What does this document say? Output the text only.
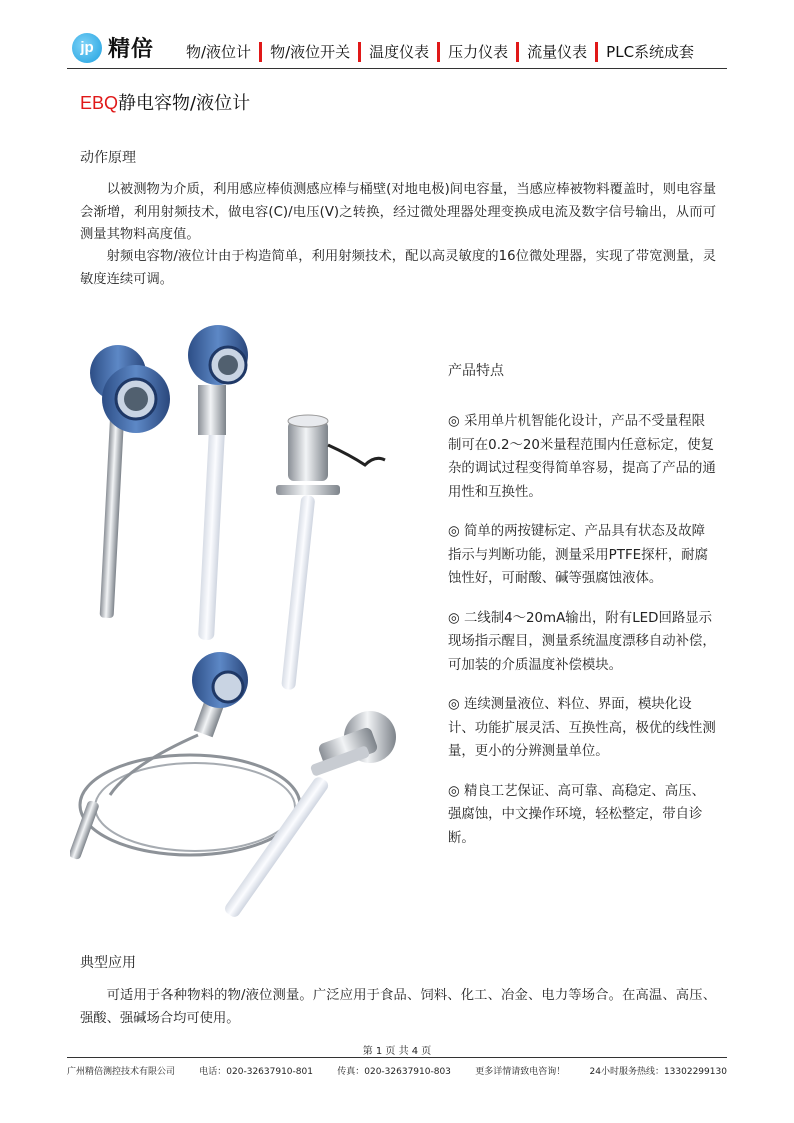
jp 精倍	物/液位计	物/液位开关	温度仪表	压力仪表	流量仪表	PLC系统成套
EBQ静电容物/液位计
动作原理

以被测物为介质，利用感应棒侦测感应棒与桶壁(对地电极)间电容量，当感应棒被物料覆盖时，则电容量会渐增，利用射频技术，做电容(C)/电压(V)之转换，经过微处理器处理变换成电流及数字信号输出，从而可测量其物料高度值。

射频电容物/液位计由于构造简单，利用射频技术，配以高灵敏度的16位微处理器，实现了带宽测量，灵敏度连续可调。

产品特点

◎ 采用单片机智能化设计，产品不受量程限制可在0.2～20米量程范围内任意标定，使复杂的调试过程变得简单容易，提高了产品的通用性和互换性。

◎ 简单的两按键标定、产品具有状态及故障指示与判断功能，测量采用PTFE探杆，耐腐蚀性好，可耐酸、碱等强腐蚀液体。

◎ 二线制4～20mA输出，附有LED回路显示现场指示醒目，测量系统温度漂移自动补偿，可加装的介质温度补偿模块。

◎ 连续测量液位、料位、界面，模块化设计、功能扩展灵活、互换性高，极优的线性测量，更小的分辨测量单位。

◎ 精良工艺保证、高可靠、高稳定、高压、强腐蚀，中文操作环境，轻松整定，带自诊断。

典型应用

可适用于各种物料的物/液位测量。广泛应用于食品、饲料、化工、冶金、电力等场合。在高温、高压、强酸、强碱场合均可使用。

第 1 页 共 4 页
广州精倍测控技术有限公司	电话：020-32637910-801	传真：020-32637910-803	更多详情请致电咨询！	24小时服务热线：13302299130
